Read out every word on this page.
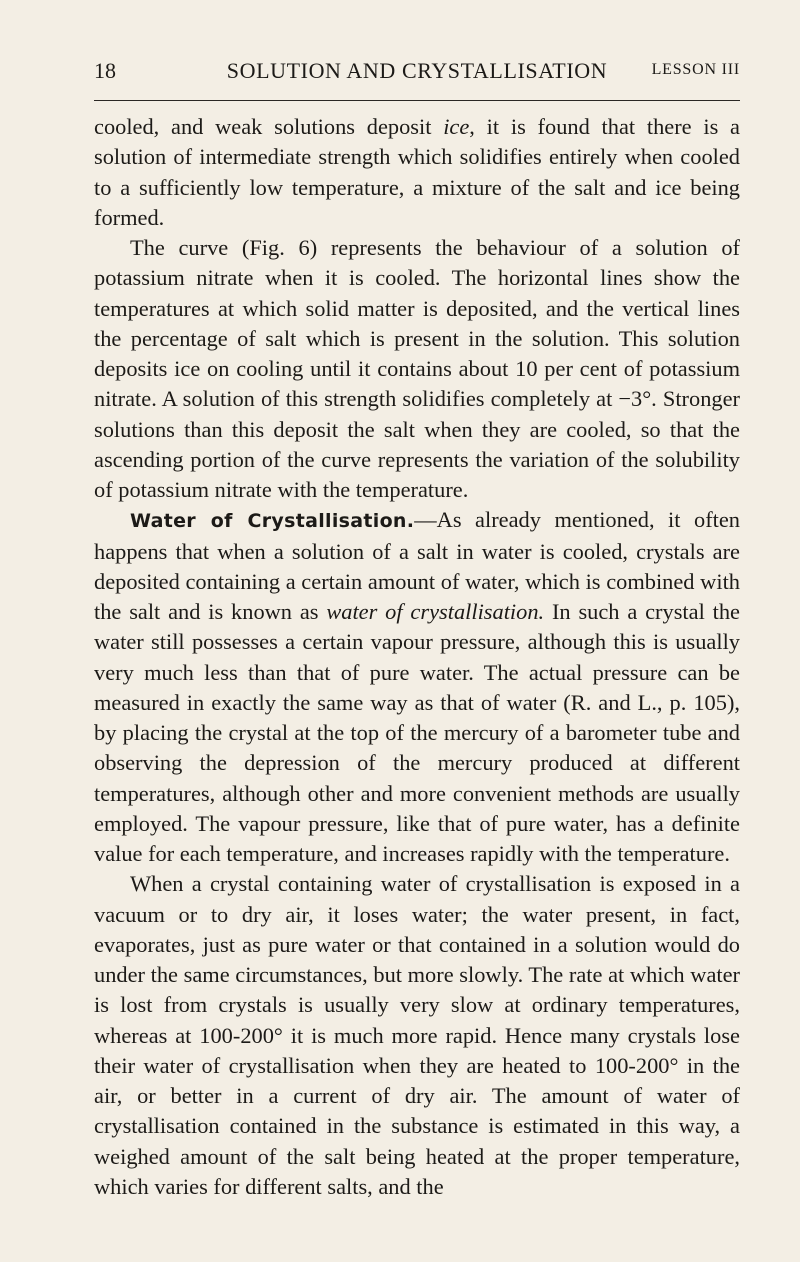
18	SOLUTION AND CRYSTALLISATION	LESSON III

cooled, and weak solutions deposit ice, it is found that there is a solution of intermediate strength which solidifies entirely when cooled to a sufficiently low temperature, a mixture of the salt and ice being formed.

The curve (Fig. 6) represents the behaviour of a solution of potassium nitrate when it is cooled. The horizontal lines show the temperatures at which solid matter is deposited, and the vertical lines the percentage of salt which is present in the solution. This solution deposits ice on cooling until it contains about 10 per cent of potassium nitrate. A solution of this strength solidifies completely at −3°. Stronger solutions than this deposit the salt when they are cooled, so that the ascending portion of the curve represents the variation of the solubility of potassium nitrate with the temperature.

Water of Crystallisation.—As already mentioned, it often happens that when a solution of a salt in water is cooled, crystals are deposited containing a certain amount of water, which is combined with the salt and is known as water of crystallisation. In such a crystal the water still possesses a certain vapour pressure, although this is usually very much less than that of pure water. The actual pressure can be measured in exactly the same way as that of water (R. and L., p. 105), by placing the crystal at the top of the mercury of a barometer tube and observing the depression of the mercury produced at different temperatures, although other and more convenient methods are usually employed. The vapour pressure, like that of pure water, has a definite value for each temperature, and increases rapidly with the temperature.

When a crystal containing water of crystallisation is exposed in a vacuum or to dry air, it loses water; the water present, in fact, evaporates, just as pure water or that contained in a solution would do under the same circumstances, but more slowly. The rate at which water is lost from crystals is usually very slow at ordinary temperatures, whereas at 100-200° it is much more rapid. Hence many crystals lose their water of crystallisation when they are heated to 100-200° in the air, or better in a current of dry air. The amount of water of crystallisation contained in the substance is estimated in this way, a weighed amount of the salt being heated at the proper temperature, which varies for different salts, and the
